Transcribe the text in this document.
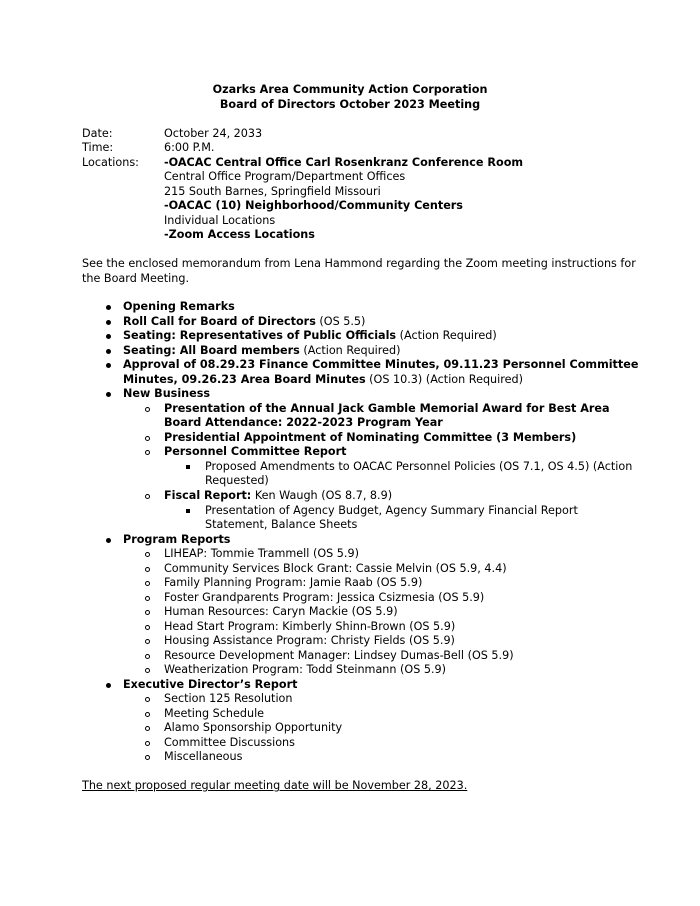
Ozarks Area Community Action Corporation
Board of Directors October 2023 Meeting
Date:	October 24, 2033
Time:	6:00 P.M.
Locations: -OACAC Central Office Carl Rosenkranz Conference Room
Central Office Program/Department Offices
215 South Barnes, Springfield Missouri
-OACAC (10) Neighborhood/Community Centers
Individual Locations
-Zoom Access Locations
See the enclosed memorandum from Lena Hammond regarding the Zoom meeting instructions for
the Board Meeting.
Opening Remarks
Roll Call for Board of Directors (OS 5.5)
Seating: Representatives of Public Officials (Action Required)
Seating: All Board members (Action Required)
Approval of 08.29.23 Finance Committee Minutes, 09.11.23 Personnel Committee
Minutes, 09.26.23 Area Board Minutes (OS 10.3) (Action Required)
New Business
Presentation of the Annual Jack Gamble Memorial Award for Best Area
Board Attendance: 2022-2023 Program Year
Presidential Appointment of Nominating Committee (3 Members)
Personnel Committee Report
Proposed Amendments to OACAC Personnel Policies (OS 7.1, OS 4.5) (Action
Requested)
Fiscal Report: Ken Waugh (OS 8.7, 8.9)
Presentation of Agency Budget, Agency Summary Financial Report
Statement, Balance Sheets
Program Reports
LIHEAP: Tommie Trammell (OS 5.9)
Community Services Block Grant: Cassie Melvin (OS 5.9, 4.4)
Family Planning Program: Jamie Raab (OS 5.9)
Foster Grandparents Program: Jessica Csizmesia (OS 5.9)
Human Resources: Caryn Mackie (OS 5.9)
Head Start Program: Kimberly Shinn-Brown (OS 5.9)
Housing Assistance Program: Christy Fields (OS 5.9)
Resource Development Manager: Lindsey Dumas-Bell (OS 5.9)
Weatherization Program: Todd Steinmann (OS 5.9)
Executive Director’s Report
Section 125 Resolution
Meeting Schedule
Alamo Sponsorship Opportunity
Committee Discussions
Miscellaneous
The next proposed regular meeting date will be November 28, 2023.
